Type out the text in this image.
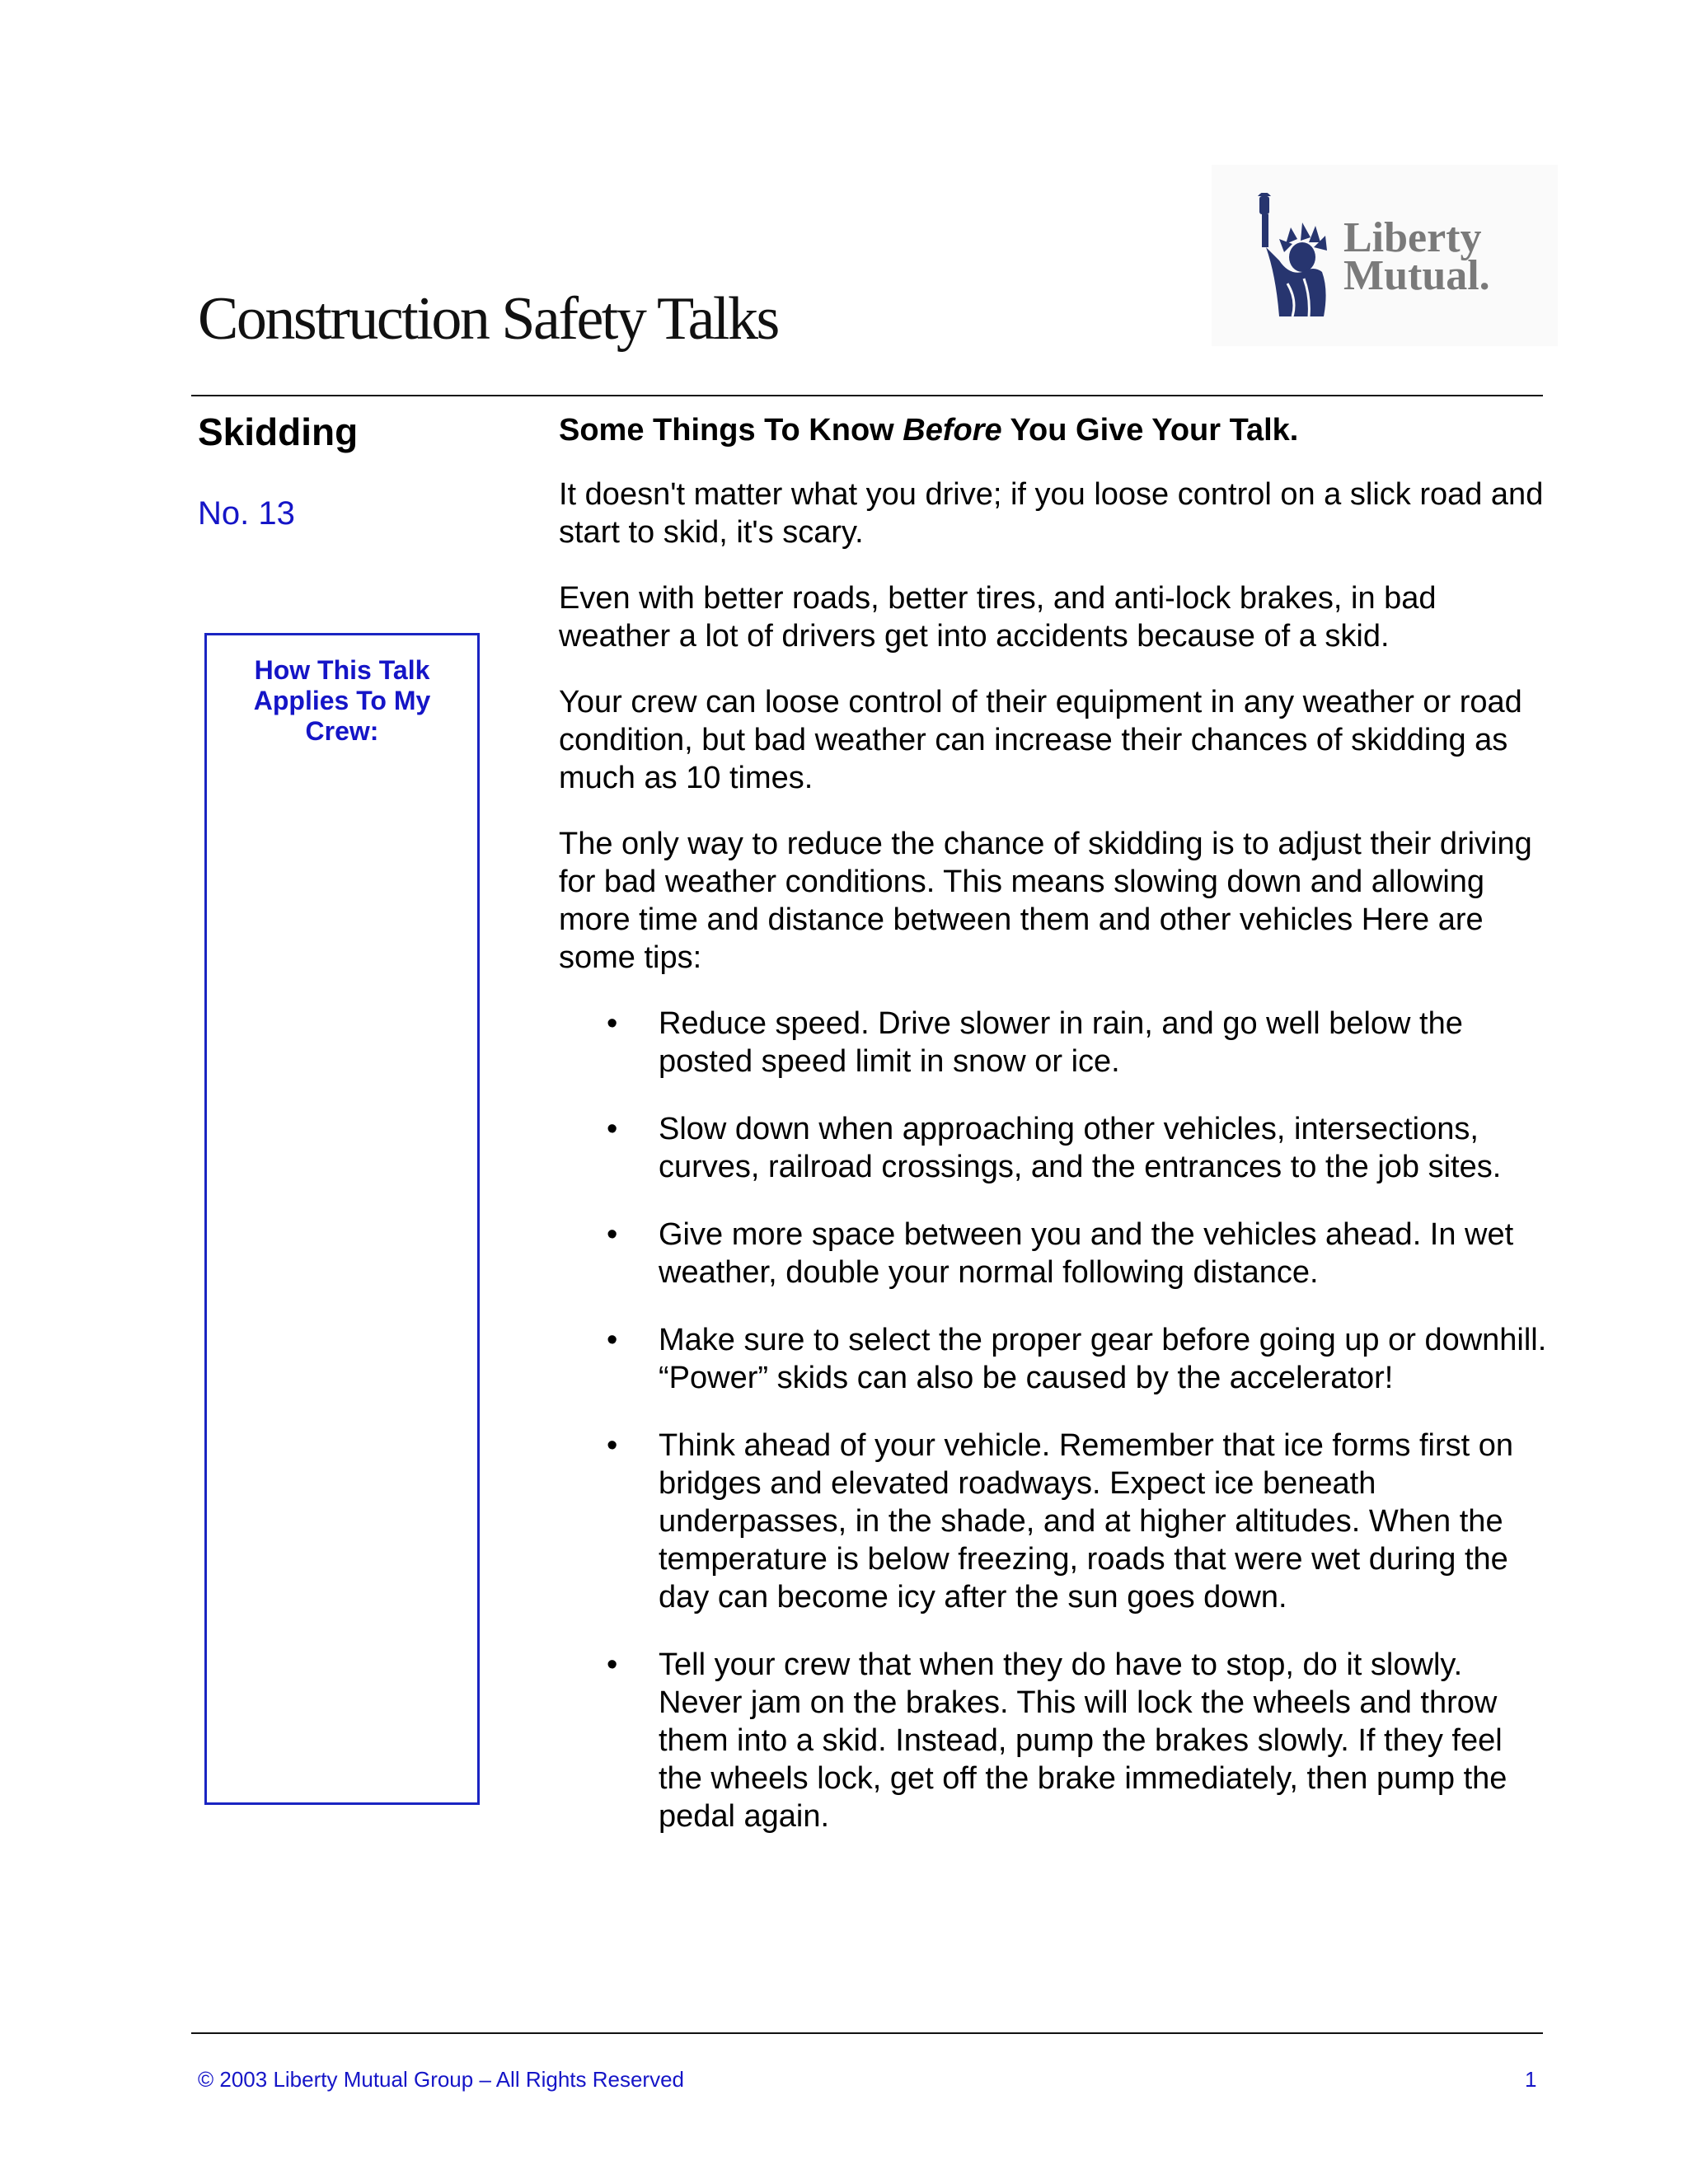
Liberty
Mutual.
Construction Safety Talks
Skidding
No. 13
How This Talk Applies To My Crew:
Some Things To Know Before You Give Your Talk.

It doesn't matter what you drive; if you loose control on a slick road and start to skid, it's scary.

Even with better roads, better tires, and anti-lock brakes, in bad weather a lot of drivers get into accidents because of a skid.

Your crew can loose control of their equipment in any weather or road condition, but bad weather can increase their chances of skidding as much as 10 times.

The only way to reduce the chance of skidding is to adjust their driving for bad weather conditions. This means slowing down and allowing more time and distance between them and other vehicles Here are some tips:

• Reduce speed. Drive slower in rain, and go well below the posted speed limit in snow or ice.
• Slow down when approaching other vehicles, intersections, curves, railroad crossings, and the entrances to the job sites.
• Give more space between you and the vehicles ahead. In wet weather, double your normal following distance.
• Make sure to select the proper gear before going up or downhill. “Power” skids can also be caused by the accelerator!
• Think ahead of your vehicle. Remember that ice forms first on bridges and elevated roadways. Expect ice beneath underpasses, in the shade, and at higher altitudes. When the temperature is below freezing, roads that were wet during the day can become icy after the sun goes down.
• Tell your crew that when they do have to stop, do it slowly. Never jam on the brakes. This will lock the wheels and throw them into a skid. Instead, pump the brakes slowly. If they feel the wheels lock, get off the brake immediately, then pump the pedal again.
© 2003 Liberty Mutual Group – All Rights Reserved	1
